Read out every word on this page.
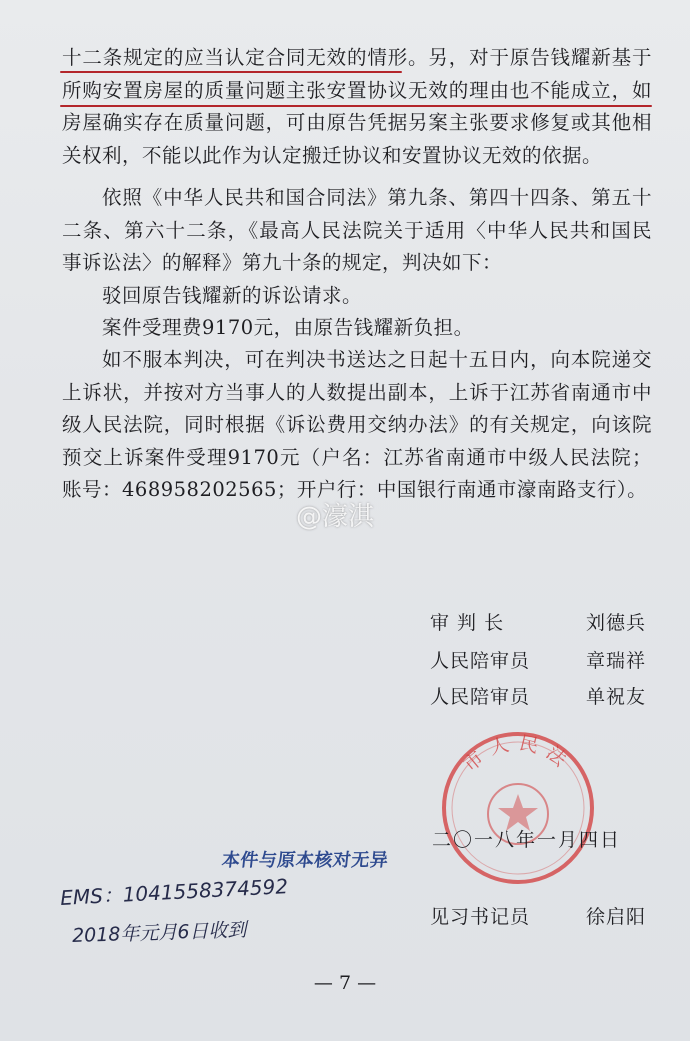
十二条规定的应当认定合同无效的情形。另，对于原告钱耀新基于所购安置房屋的质量问题主张安置协议无效的理由也不能成立，如房屋确实存在质量问题，可由原告凭据另案主张要求修复或其他相关权利，不能以此作为认定搬迁协议和安置协议无效的依据。

依照《中华人民共和国合同法》第九条、第四十四条、第五十二条、第六十二条，《最高人民法院关于适用〈中华人民共和国民事诉讼法〉的解释》第九十条的规定，判决如下：

驳回原告钱耀新的诉讼请求。

案件受理费9170元，由原告钱耀新负担。

如不服本判决，可在判决书送达之日起十五日内，向本院递交上诉状，并按对方当事人的人数提出副本，上诉于江苏省南通市中级人民法院，同时根据《诉讼费用交纳办法》的有关规定，向该院预交上诉案件受理9170元（户名：江苏省南通市中级人民法院；账号：468958202565；开户行：中国银行南通市濠南路支行）。

@濠淇
审 判 长	刘德兵
人民陪审员	章瑞祥
人民陪审员	单祝友
市人民法
二〇一八年一月四日
本件与原本核对无异
EMS：1041558374592
2018年元月6日收到
见习书记员	徐启阳
— 7 —
